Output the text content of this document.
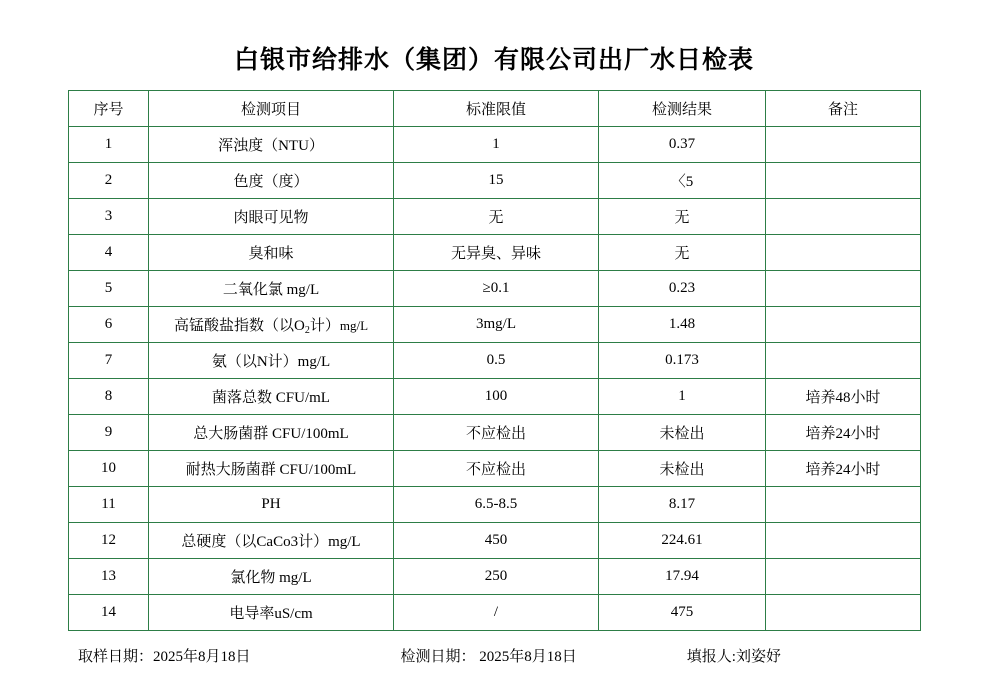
白银市给排水（集团）有限公司出厂水日检表
序号	检测项目	标准限值	检测结果	备注
1	浑浊度（NTU）	1	0.37	
2	色度（度）	15	〈5	
3	肉眼可见物	无	无	
4	臭和味	无异臭、异味	无	
5	二氧化氯 mg/L	≥0.1	0.23	
6	高锰酸盐指数（以$O_2$计）mg/L	3mg/L	1.48	
7	氨（以N计）mg/L	0.5	0.173	
8	菌落总数 CFU/mL	100	1	培养48小时
9	总大肠菌群 CFU/100mL	不应检出	未检出	培养24小时
10	耐热大肠菌群 CFU/100mL	不应检出	未检出	培养24小时
11	PH	6.5-8.5	8.17	
12	总硬度（以CaCo3计）mg/L	450	224.61	
13	氯化物 mg/L	250	17.94	
14	电导率uS/cm	/	475	
取样日期：2025年8月18日	检测日期： 2025年8月18日	填报人:刘姿妤
